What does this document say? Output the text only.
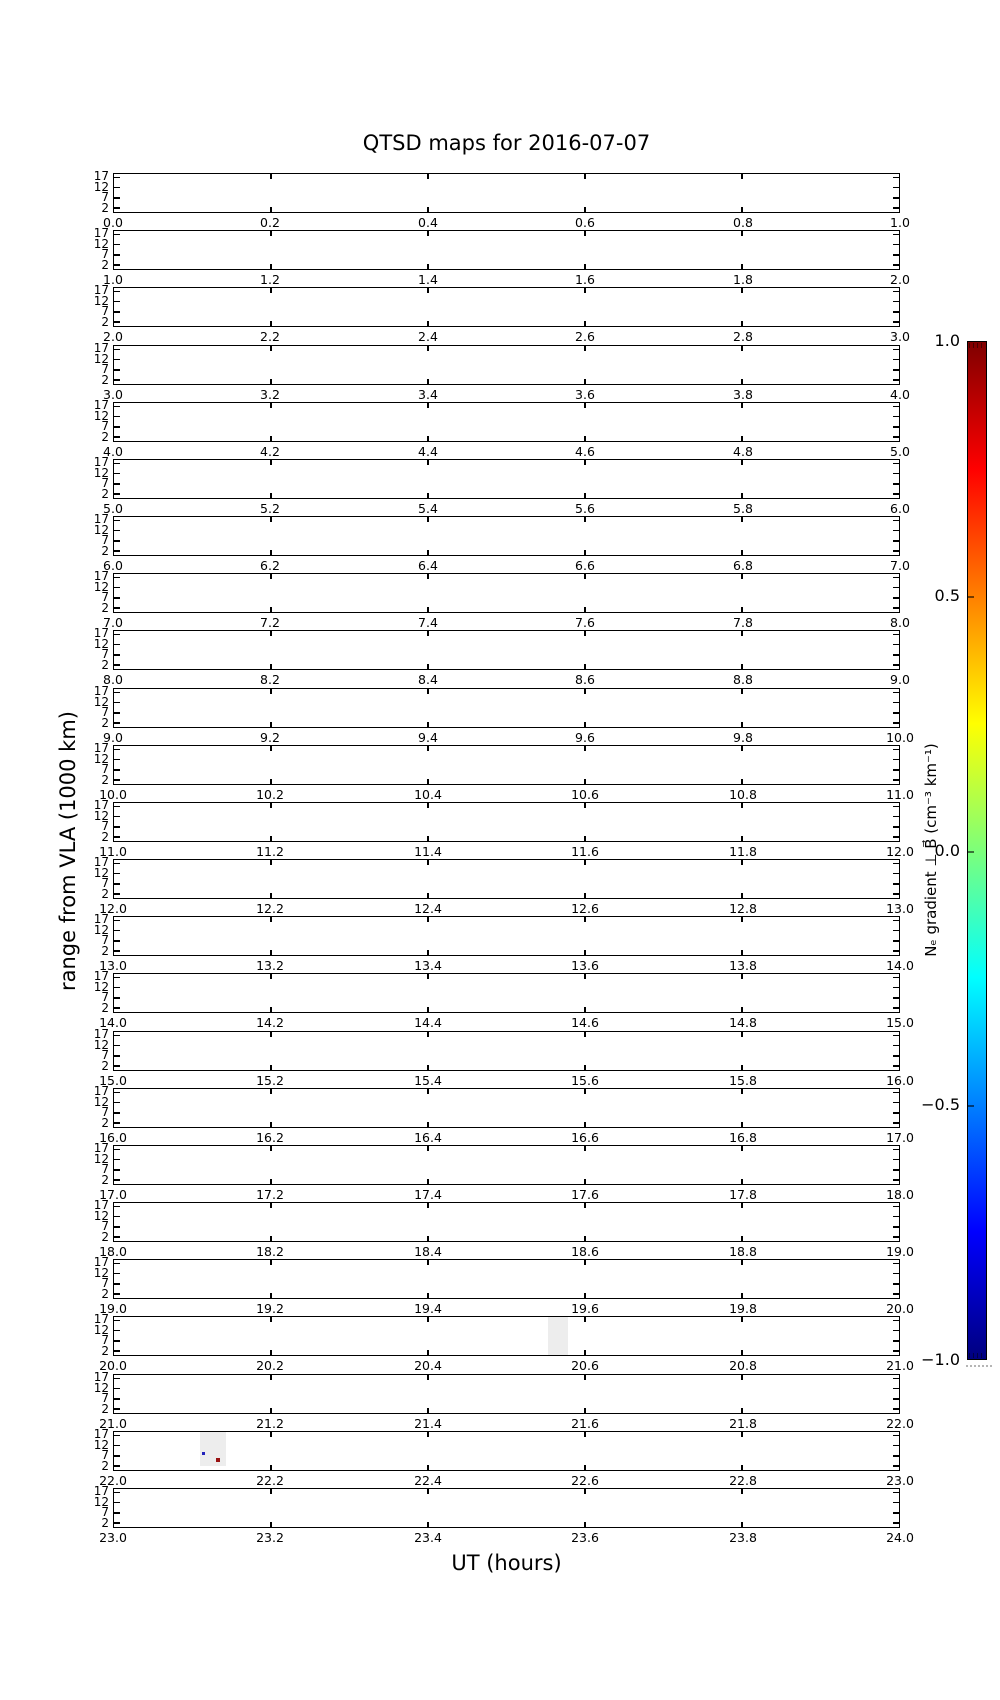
QTSD maps for 2016-07-07
range from VLA (1000 km)
UT (hours)
17
12
7
2
0.0	0.2	0.4	0.6	0.8	1.0
17
12
7
2
1.0	1.2	1.4	1.6	1.8	2.0
17
12
7
2
2.0	2.2	2.4	2.6	2.8	3.0
17
12
7
2
3.0	3.2	3.4	3.6	3.8	4.0
17
12
7
2
4.0	4.2	4.4	4.6	4.8	5.0
17
12
7
2
5.0	5.2	5.4	5.6	5.8	6.0
17
12
7
2
6.0	6.2	6.4	6.6	6.8	7.0
17
12
7
2
7.0	7.2	7.4	7.6	7.8	8.0
17
12
7
2
8.0	8.2	8.4	8.6	8.8	9.0
17
12
7
2
9.0	9.2	9.4	9.6	9.8	10.0
17
12
7
2
10.0	10.2	10.4	10.6	10.8	11.0
17
12
7
2
11.0	11.2	11.4	11.6	11.8	12.0
17
12
7
2
12.0	12.2	12.4	12.6	12.8	13.0
17
12
7
2
13.0	13.2	13.4	13.6	13.8	14.0
17
12
7
2
14.0	14.2	14.4	14.6	14.8	15.0
17
12
7
2
15.0	15.2	15.4	15.6	15.8	16.0
17
12
7
2
16.0	16.2	16.4	16.6	16.8	17.0
17
12
7
2
17.0	17.2	17.4	17.6	17.8	18.0
17
12
7
2
18.0	18.2	18.4	18.6	18.8	19.0
17
12
7
2
19.0	19.2	19.4	19.6	19.8	20.0
17
12
7
2
20.0	20.2	20.4	20.6	20.8	21.0
17
12
7
2
21.0	21.2	21.4	21.6	21.8	22.0
17
12
7
2
22.0	22.2	22.4	22.6	22.8	23.0
17
12
7
2
23.0	23.2	23.4	23.6	23.8	24.0
1.0
0.5
0.0
−0.5
−1.0
Nₑ gradient ⊥ B⃗ (cm⁻³ km⁻¹)
